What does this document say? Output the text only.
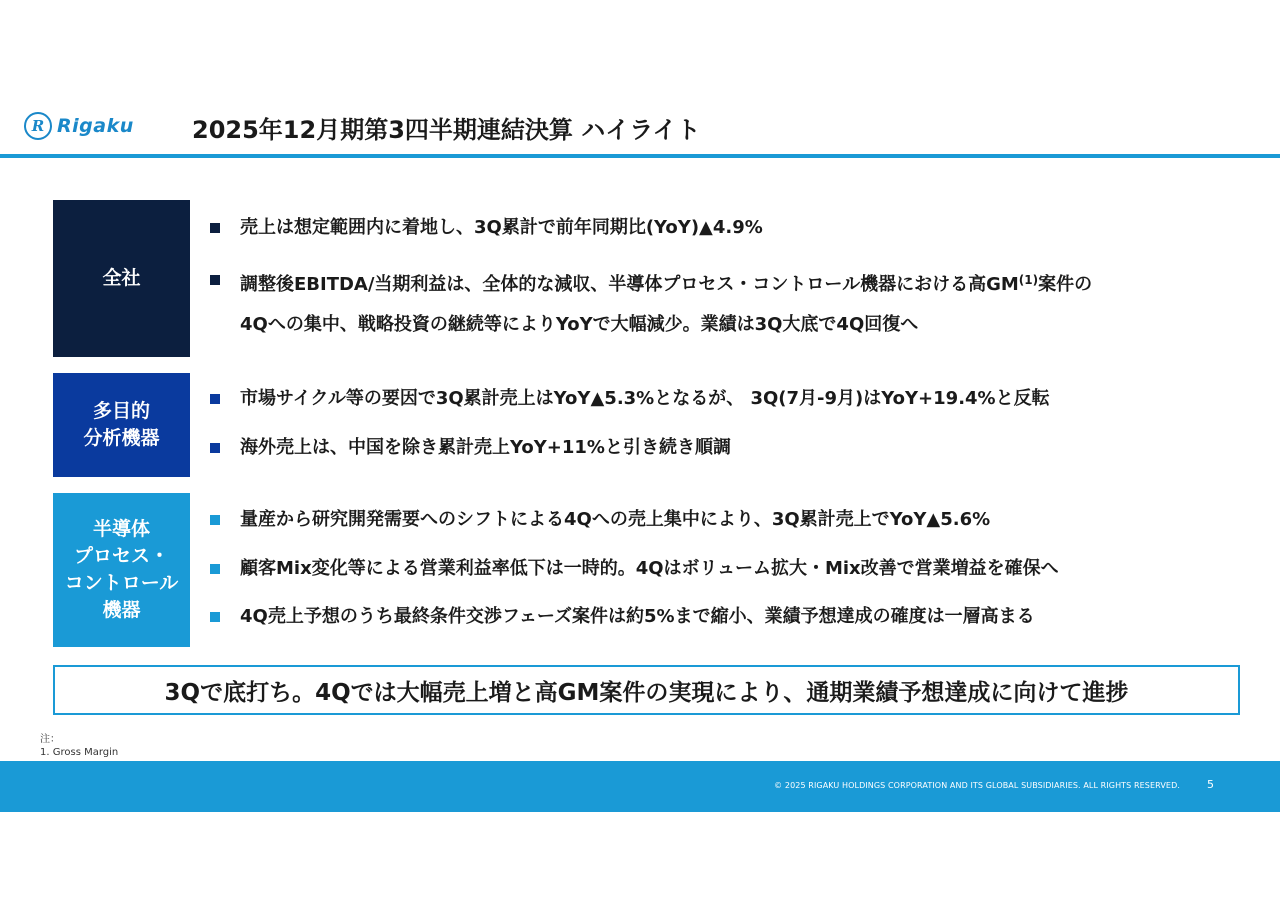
R Rigaku 2025年12月期第3四半期連結決算 ハイライト
全社
売上は想定範囲内に着地し、3Q累計で前年同期比(YoY)▲4.9%
調整後EBITDA/当期利益は、全体的な減収、半導体プロセス・コントロール機器における高GM$^{(1)}$案件の
4Qへの集中、戦略投資の継続等によりYoYで大幅減少。業績は3Q大底で4Q回復へ
多目的
分析機器
市場サイクル等の要因で3Q累計売上はYoY▲5.3%となるが、 3Q(7月-9月)はYoY+19.4%と反転
海外売上は、中国を除き累計売上YoY+11%と引き続き順調
半導体
プロセス・
コントロール
機器
量産から研究開発需要へのシフトによる4Qへの売上集中により、3Q累計売上でYoY▲5.6%
顧客Mix変化等による営業利益率低下は一時的。4Qはボリューム拡大・Mix改善で営業増益を確保へ
4Q売上予想のうち最終条件交渉フェーズ案件は約5%まで縮小、業績予想達成の確度は一層高まる
3Qで底打ち。4Qでは大幅売上増と高GM案件の実現により、通期業績予想達成に向けて進捗
注：
1. Gross Margin
© 2025 RIGAKU HOLDINGS CORPORATION AND ITS GLOBAL SUBSIDIARIES. ALL RIGHTS RESERVED. 5
